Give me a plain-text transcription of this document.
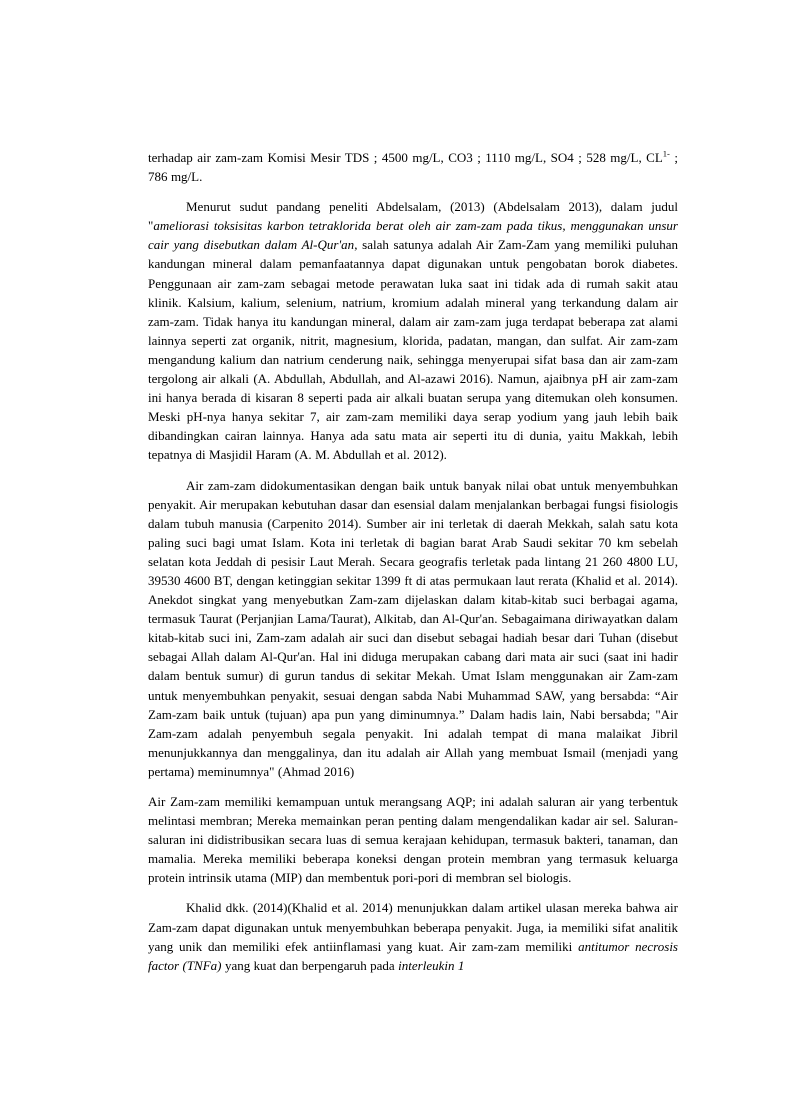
terhadap air zam-zam Komisi Mesir TDS ; 4500 mg/L, CO3 ; 1110 mg/L, SO4 ; 528 mg/L, $CL^{1-}$ ; 786 mg/L.

Menurut sudut pandang peneliti Abdelsalam, (2013) (Abdelsalam 2013), dalam judul "ameliorasi toksisitas karbon tetraklorida berat oleh air zam-zam pada tikus, menggunakan unsur cair yang disebutkan dalam Al-Qur'an, salah satunya adalah Air Zam-Zam yang memiliki puluhan kandungan mineral dalam pemanfaatannya dapat digunakan untuk pengobatan borok diabetes. Penggunaan air zam-zam sebagai metode perawatan luka saat ini tidak ada di rumah sakit atau klinik. Kalsium, kalium, selenium, natrium, kromium adalah mineral yang terkandung dalam air zam-zam. Tidak hanya itu kandungan mineral, dalam air zam-zam juga terdapat beberapa zat alami lainnya seperti zat organik, nitrit, magnesium, klorida, padatan, mangan, dan sulfat. Air zam-zam mengandung kalium dan natrium cenderung naik, sehingga menyerupai sifat basa dan air zam-zam tergolong air alkali (A. Abdullah, Abdullah, and Al-azawi 2016). Namun, ajaibnya pH air zam-zam ini hanya berada di kisaran 8 seperti pada air alkali buatan serupa yang ditemukan oleh konsumen. Meski pH-nya hanya sekitar 7, air zam-zam memiliki daya serap yodium yang jauh lebih baik dibandingkan cairan lainnya. Hanya ada satu mata air seperti itu di dunia, yaitu Makkah, lebih tepatnya di Masjidil Haram (A. M. Abdullah et al. 2012).

Air zam-zam didokumentasikan dengan baik untuk banyak nilai obat untuk menyembuhkan penyakit. Air merupakan kebutuhan dasar dan esensial dalam menjalankan berbagai fungsi fisiologis dalam tubuh manusia (Carpenito 2014). Sumber air ini terletak di daerah Mekkah, salah satu kota paling suci bagi umat Islam. Kota ini terletak di bagian barat Arab Saudi sekitar 70 km sebelah selatan kota Jeddah di pesisir Laut Merah. Secara geografis terletak pada lintang 21 260 4800 LU, 39530 4600 BT, dengan ketinggian sekitar 1399 ft di atas permukaan laut rerata (Khalid et al. 2014). Anekdot singkat yang menyebutkan Zam-zam dijelaskan dalam kitab-kitab suci berbagai agama, termasuk Taurat (Perjanjian Lama/Taurat), Alkitab, dan Al-Qur'an. Sebagaimana diriwayatkan dalam kitab-kitab suci ini, Zam-zam adalah air suci dan disebut sebagai hadiah besar dari Tuhan (disebut sebagai Allah dalam Al-Qur'an. Hal ini diduga merupakan cabang dari mata air suci (saat ini hadir dalam bentuk sumur) di gurun tandus di sekitar Mekah. Umat Islam menggunakan air Zam-zam untuk menyembuhkan penyakit, sesuai dengan sabda Nabi Muhammad SAW, yang bersabda: “Air Zam-zam baik untuk (tujuan) apa pun yang diminumnya.” Dalam hadis lain, Nabi bersabda; "Air Zam-zam adalah penyembuh segala penyakit. Ini adalah tempat di mana malaikat Jibril menunjukkannya dan menggalinya, dan itu adalah air Allah yang membuat Ismail (menjadi yang pertama) meminumnya" (Ahmad 2016)

Air Zam-zam memiliki kemampuan untuk merangsang AQP; ini adalah saluran air yang terbentuk melintasi membran; Mereka memainkan peran penting dalam mengendalikan kadar air sel. Saluran-saluran ini didistribusikan secara luas di semua kerajaan kehidupan, termasuk bakteri, tanaman, dan mamalia. Mereka memiliki beberapa koneksi dengan protein membran yang termasuk keluarga protein intrinsik utama (MIP) dan membentuk pori-pori di membran sel biologis.

Khalid dkk. (2014)(Khalid et al. 2014) menunjukkan dalam artikel ulasan mereka bahwa air Zam-zam dapat digunakan untuk menyembuhkan beberapa penyakit. Juga, ia memiliki sifat analitik yang unik dan memiliki efek antiinflamasi yang kuat. Air zam-zam memiliki antitumor necrosis factor (TNFa) yang kuat dan berpengaruh pada interleukin 1
